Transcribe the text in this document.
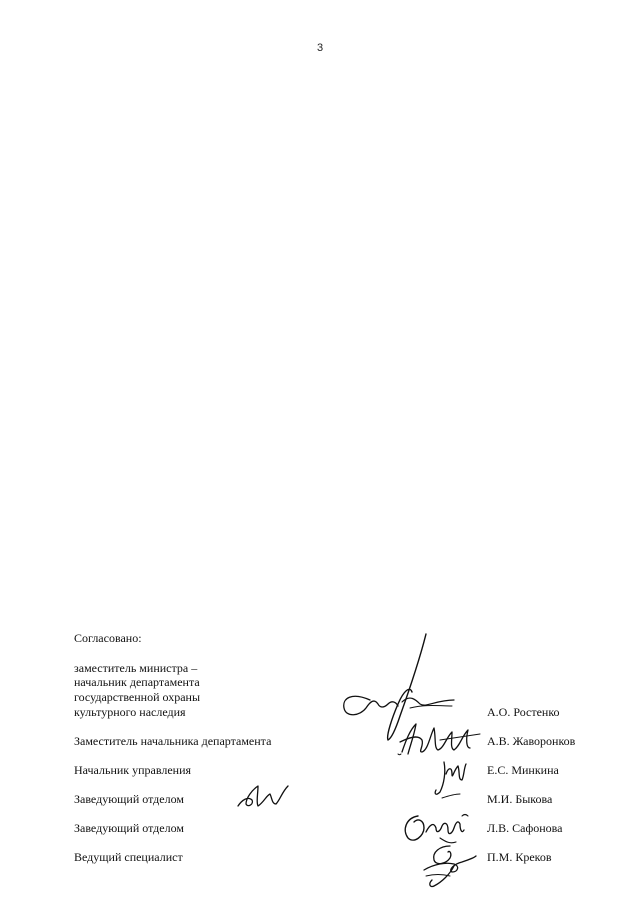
3
Согласовано:
заместитель министра –
начальник департамента
государственной охраны
культурного наследия	А.О. Ростенко
Заместитель начальника департамента	А.В. Жаворонков
Начальник управления	Е.С. Минкина
Заведующий отделом	М.И. Быкова
Заведующий отделом	Л.В. Сафонова
Ведущий специалист	П.М. Креков
